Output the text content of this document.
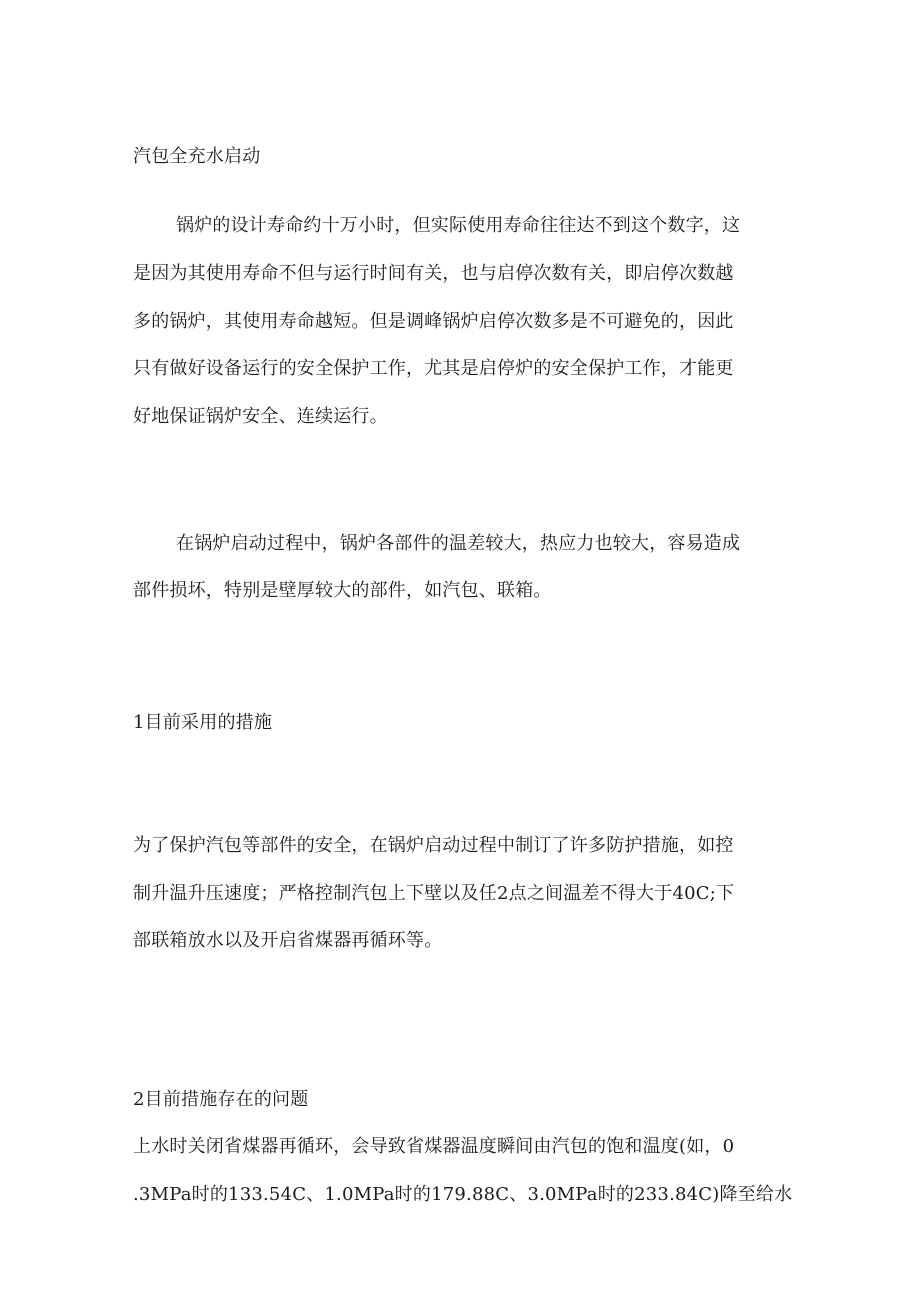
汽包全充水启动
锅炉的设计寿命约十万小时，但实际使用寿命往往达不到这个数字，这
是因为其使用寿命不但与运行时间有关，也与启停次数有关，即启停次数越
多的锅炉，其使用寿命越短。但是调峰锅炉启停次数多是不可避免的，因此
只有做好设备运行的安全保护工作，尤其是启停炉的安全保护工作，才能更
好地保证锅炉安全、连续运行。
在锅炉启动过程中，锅炉各部件的温差较大，热应力也较大，容易造成
部件损坏，特别是壁厚较大的部件，如汽包、联箱。
1目前采用的措施
为了保护汽包等部件的安全，在锅炉启动过程中制订了许多防护措施，如控
制升温升压速度；严格控制汽包上下壁以及任2点之间温差不得大于40C;下
部联箱放水以及开启省煤器再循环等。
2目前措施存在的问题
上水时关闭省煤器再循环，会导致省煤器温度瞬间由汽包的饱和温度(如，0
.3MPa时的133.54C、1.0MPa时的179.88C、3.0MPa时的233.84C)降至给水
